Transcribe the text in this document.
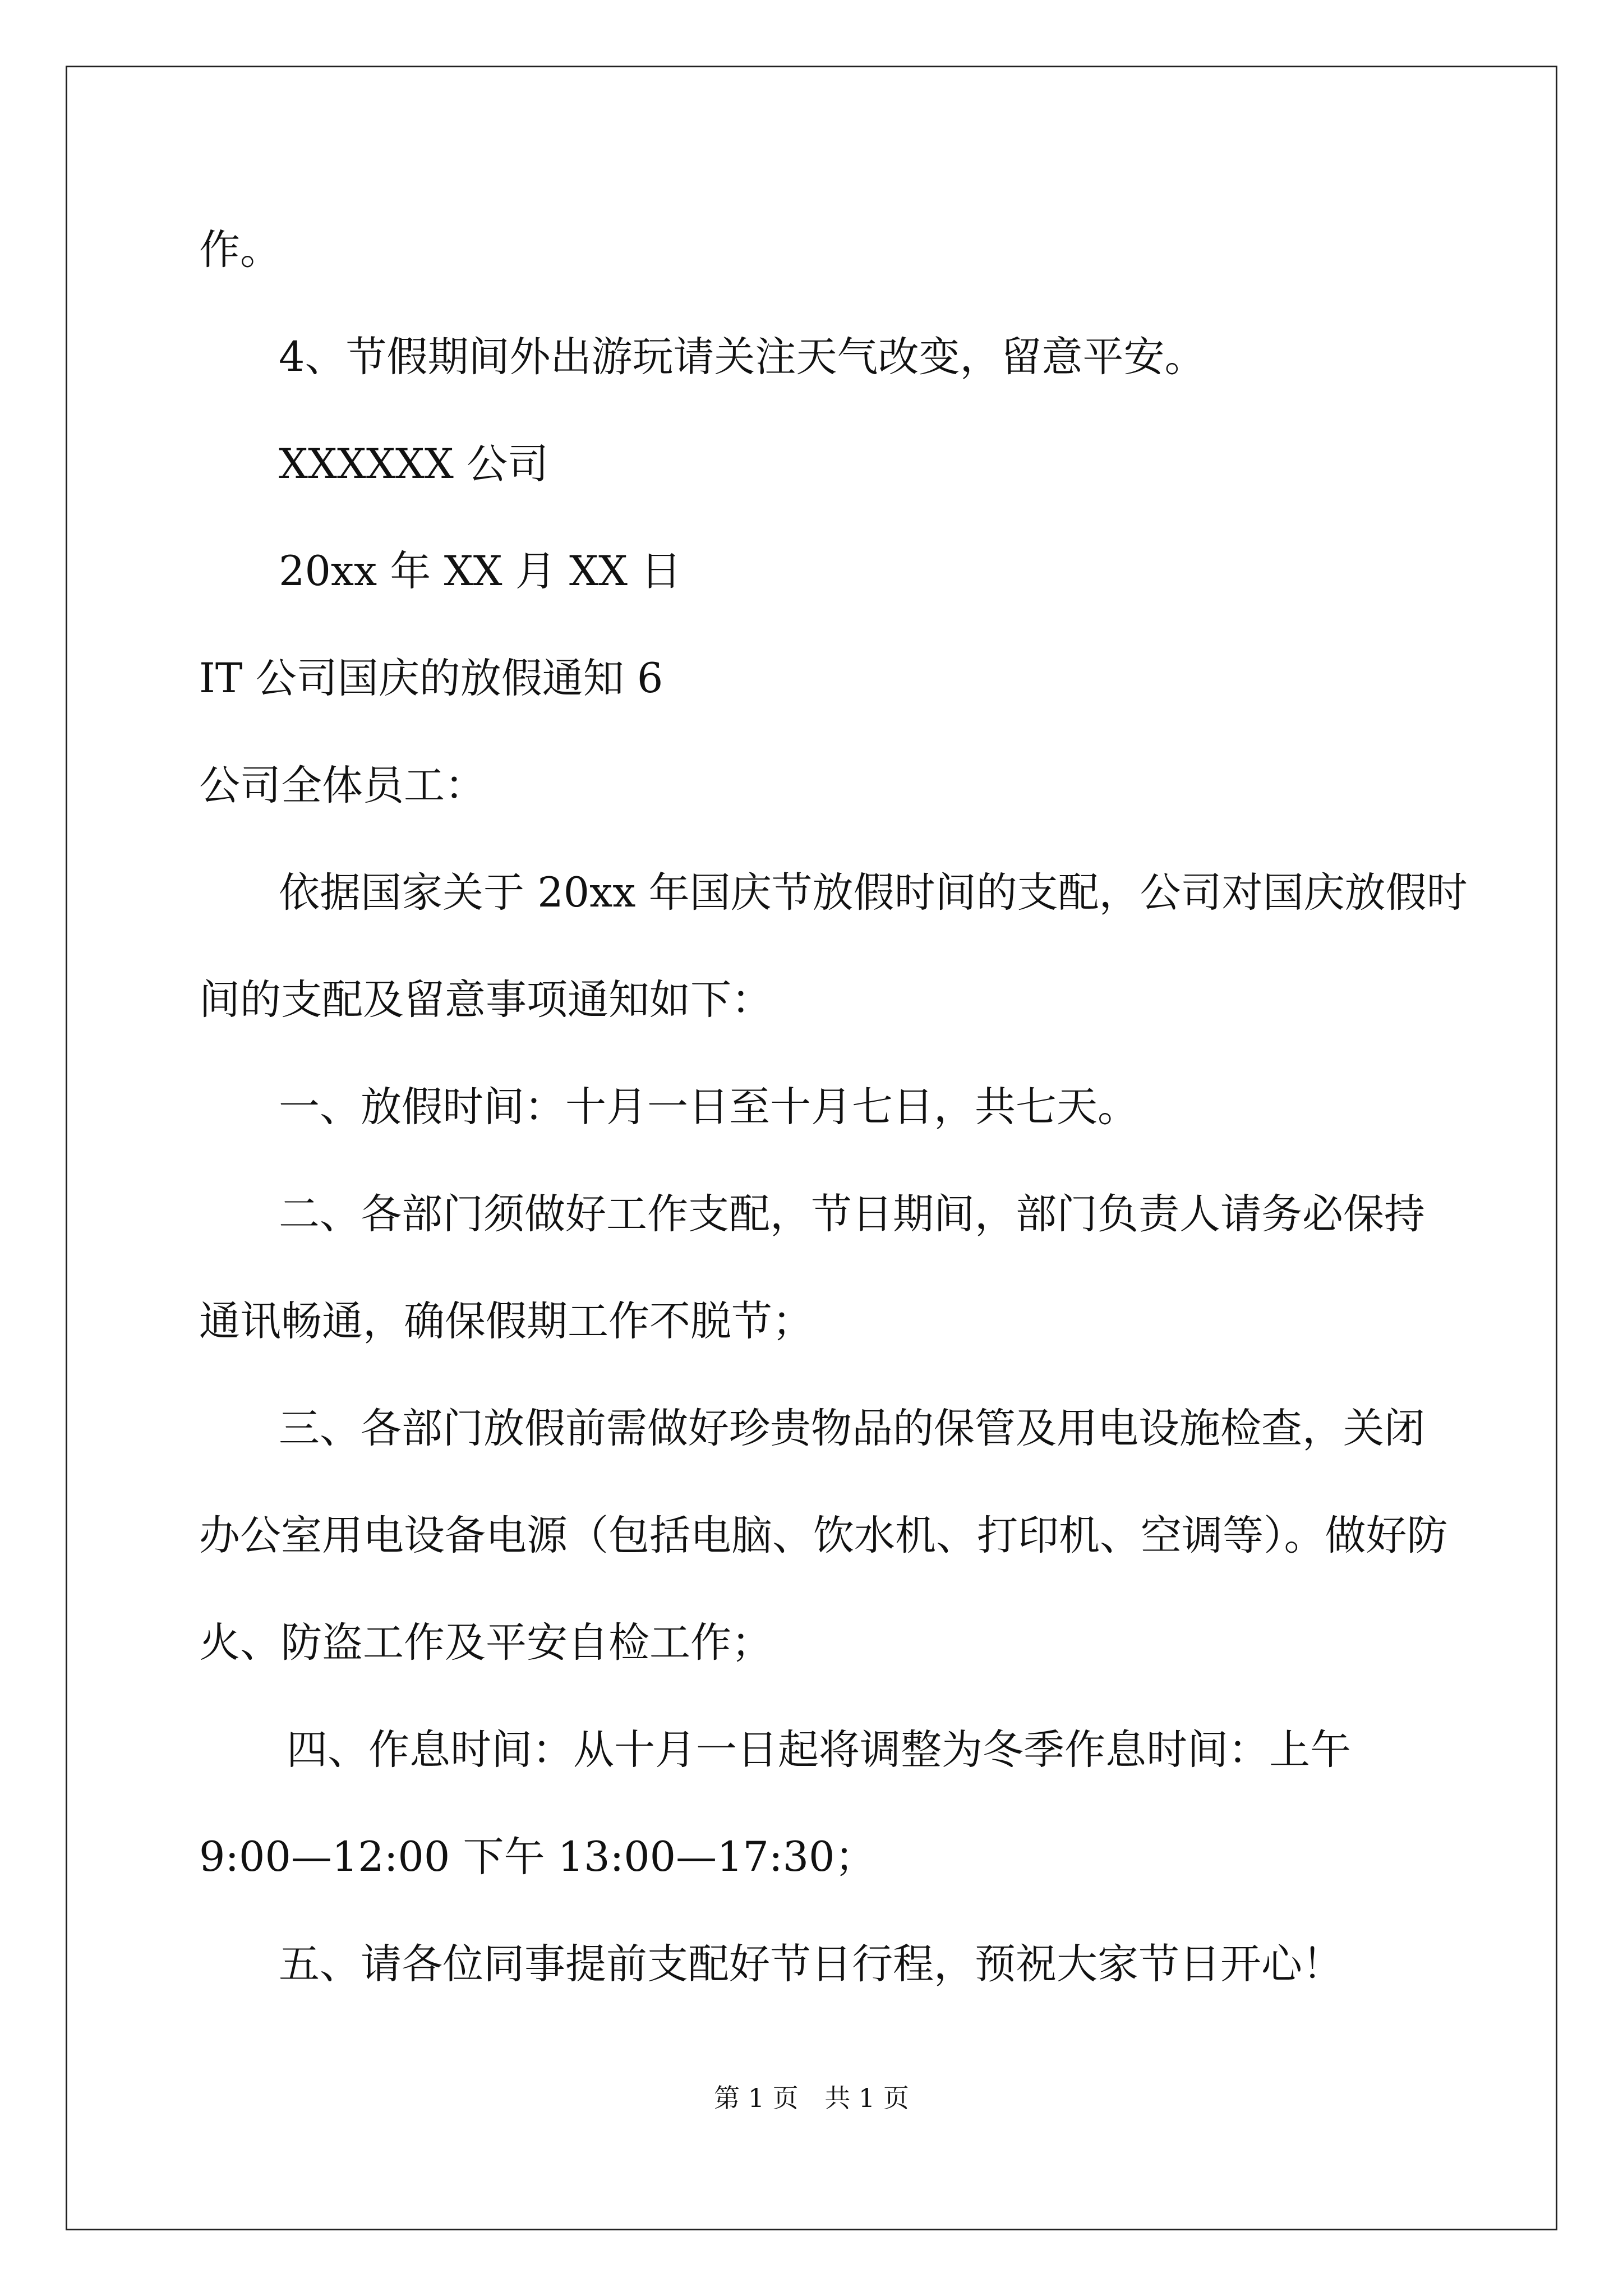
作。

4、节假期间外出游玩请关注天气改变，留意平安。

XXXXXX 公司

20xx 年 XX 月 XX 日

IT 公司国庆的放假通知 6

公司全体员工：

依据国家关于 20xx 年国庆节放假时间的支配，公司对国庆放假时

间的支配及留意事项通知如下：

一、放假时间：十月一日至十月七日，共七天。

二、各部门须做好工作支配，节日期间，部门负责人请务必保持

通讯畅通，确保假期工作不脱节；

三、各部门放假前需做好珍贵物品的保管及用电设施检查，关闭

办公室用电设备电源（包括电脑、饮水机、打印机、空调等）。做好防

火、防盗工作及平安自检工作；

四、作息时间：从十月一日起将调整为冬季作息时间：上午

9:00—12:00 下午 13:00—17:30；

五、请各位同事提前支配好节日行程，预祝大家节日开心！

第 1 页 共 1 页
